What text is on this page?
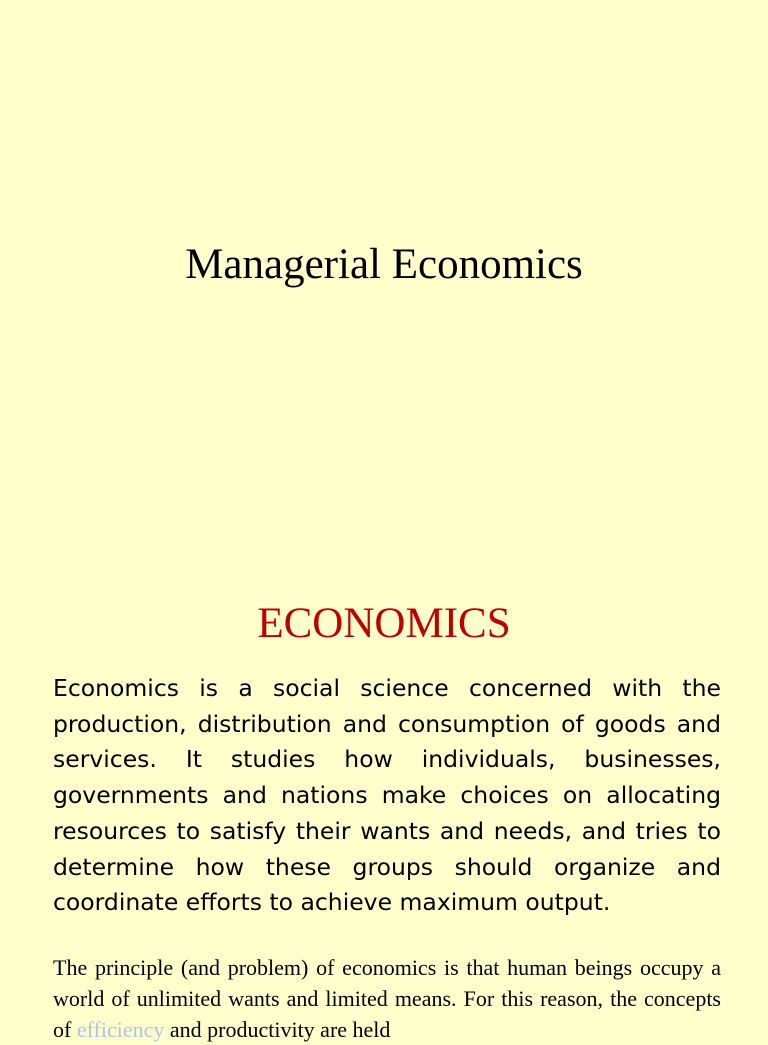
Managerial Economics
ECONOMICS

Economics is a social science concerned with the production, distribution and consumption of goods and services. It studies how individuals, businesses, governments and nations make choices on allocating resources to satisfy their wants and needs, and tries to determine how these groups should organize and coordinate efforts to achieve maximum output.

The principle (and problem) of economics is that human beings occupy a world of unlimited wants and limited means. For this reason, the concepts of efficiency and productivity are held
